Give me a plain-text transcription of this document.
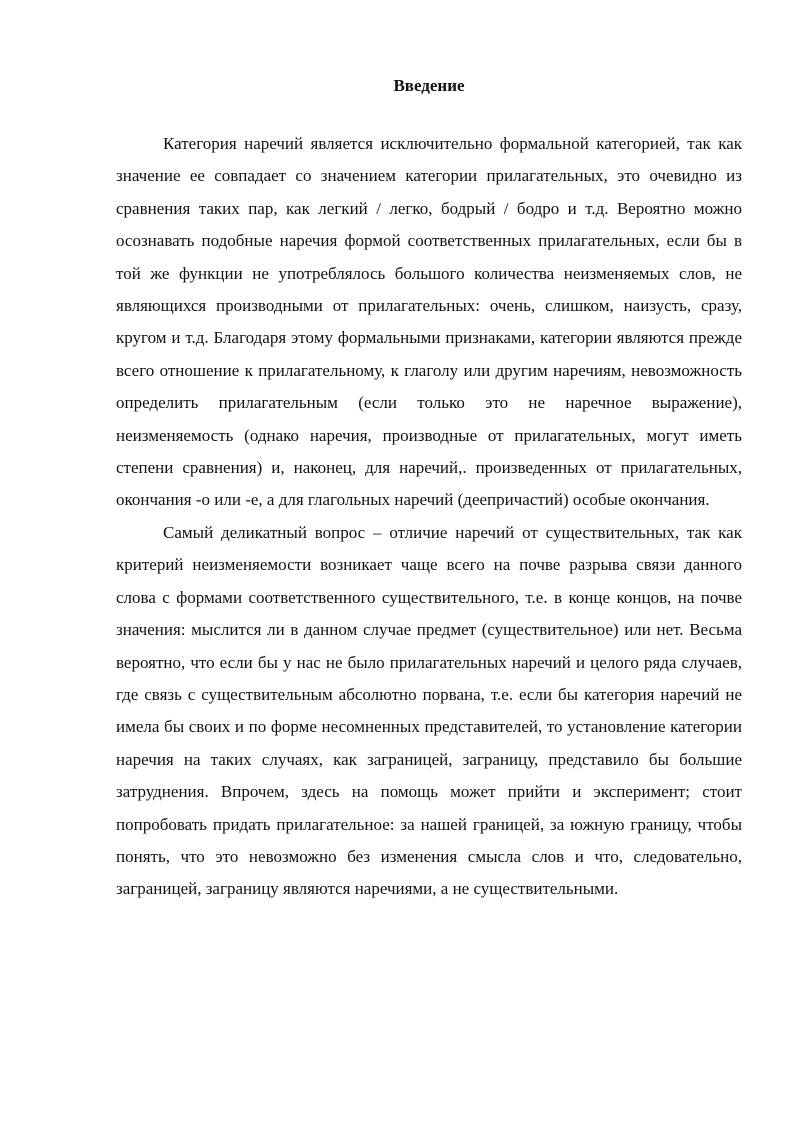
Введение

Категория наречий является исключительно формальной категорией, так как значение ее совпадает со значением категории прилагательных, это очевидно из сравнения таких пар, как легкий / легко, бодрый / бодро и т.д. Вероятно можно осознавать подобные наречия формой соответственных прилагательных, если бы в той же функции не употреблялось большого количества неизменяемых слов, не являющихся производными от прилагательных: очень, слишком, наизусть, сразу, кругом и т.д. Благодаря этому формальными признаками, категории являются прежде всего отношение к прилагательному, к глаголу или другим наречиям, невозможность определить прилагательным (если только это не наречное выражение), неизменяемость (однако наречия, производные от прилагательных, могут иметь степени сравнения) и, наконец, для наречий,. произведенных от прилагательных, окончания -о или -е, а для глагольных наречий (деепричастий) особые окончания.

Самый деликатный вопрос – отличие наречий от существительных, так как критерий неизменяемости возникает чаще всего на почве разрыва связи данного слова с формами соответственного существительного, т.е. в конце концов, на почве значения: мыслится ли в данном случае предмет (существительное) или нет. Весьма вероятно, что если бы у нас не было прилагательных наречий и целого ряда случаев, где связь с существительным абсолютно порвана, т.е. если бы категория наречий не имела бы своих и по форме несомненных представителей, то установление категории наречия на таких случаях, как заграницей, заграницу, представило бы большие затруднения. Впрочем, здесь на помощь может прийти и эксперимент; стоит попробовать придать прилагательное: за нашей границей, за южную границу, чтобы понять, что это невозможно без изменения смысла слов и что, следовательно, заграницей, заграницу являются наречиями, а не существительными.
